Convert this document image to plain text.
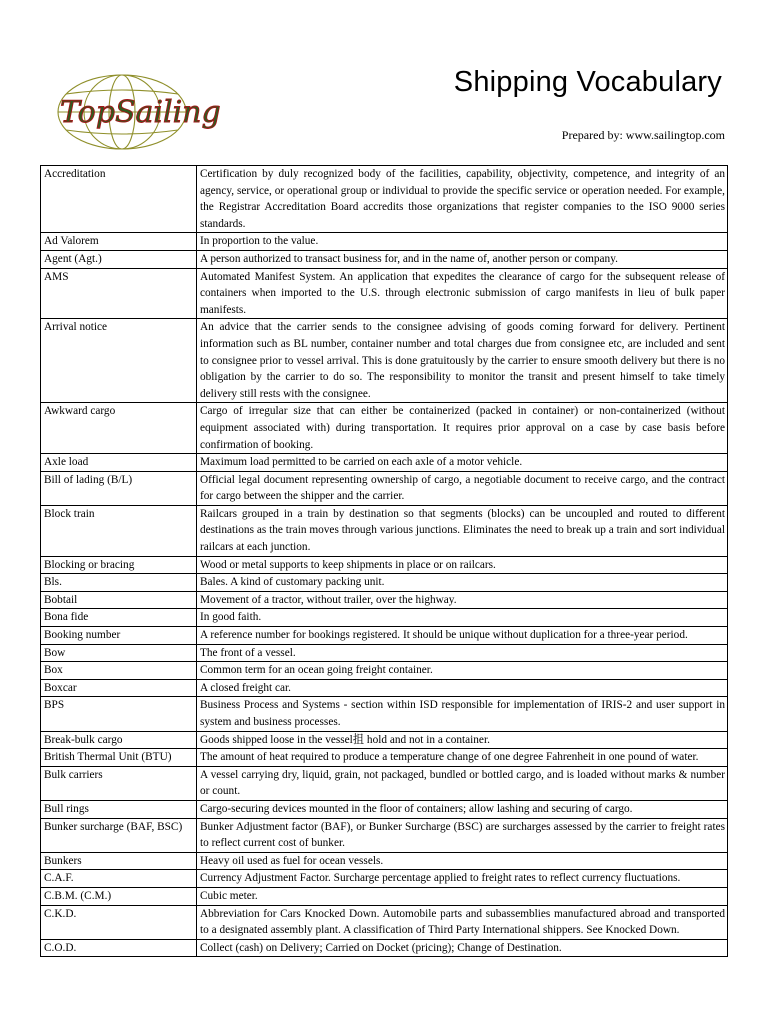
TopSailing
Shipping Vocabulary
Prepared by: www.sailingtop.com
Accreditation	Certification by duly recognized body of the facilities, capability, objectivity, competence, and integrity of an agency, service, or operational group or individual to provide the specific service or operation needed. For example, the Registrar Accreditation Board accredits those organizations that register companies to the ISO 9000 series standards.
Ad Valorem	In proportion to the value.
Agent (Agt.)	A person authorized to transact business for, and in the name of, another person or company.
AMS	Automated Manifest System. An application that expedites the clearance of cargo for the subsequent release of containers when imported to the U.S. through electronic submission of cargo manifests in lieu of bulk paper manifests.
Arrival notice	An advice that the carrier sends to the consignee advising of goods coming forward for delivery. Pertinent information such as BL number, container number and total charges due from consignee etc, are included and sent to consignee prior to vessel arrival. This is done gratuitously by the carrier to ensure smooth delivery but there is no obligation by the carrier to do so. The responsibility to monitor the transit and present himself to take timely delivery still rests with the consignee.
Awkward cargo	Cargo of irregular size that can either be containerized (packed in container) or non-containerized (without equipment associated with) during transportation. It requires prior approval on a case by case basis before confirmation of booking.
Axle load	Maximum load permitted to be carried on each axle of a motor vehicle.
Bill of lading (B/L)	Official legal document representing ownership of cargo, a negotiable document to receive cargo, and the contract for cargo between the shipper and the carrier.
Block train	Railcars grouped in a train by destination so that segments (blocks) can be uncoupled and routed to different destinations as the train moves through various junctions. Eliminates the need to break up a train and sort individual railcars at each junction.
Blocking or bracing	Wood or metal supports to keep shipments in place or on railcars.
Bls.	Bales. A kind of customary packing unit.
Bobtail	Movement of a tractor, without trailer, over the highway.
Bona fide	In good faith.
Booking number	A reference number for bookings registered. It should be unique without duplication for a three-year period.
Bow	The front of a vessel.
Box	Common term for an ocean going freight container.
Boxcar	A closed freight car.
BPS	Business Process and Systems - section within ISD responsible for implementation of IRIS-2 and user support in system and business processes.
Break-bulk cargo	Goods shipped loose in the vessel抯 hold and not in a container.
British Thermal Unit (BTU)	The amount of heat required to produce a temperature change of one degree Fahrenheit in one pound of water.
Bulk carriers	A vessel carrying dry, liquid, grain, not packaged, bundled or bottled cargo, and is loaded without marks & number or count.
Bull rings	Cargo-securing devices mounted in the floor of containers; allow lashing and securing of cargo.
Bunker surcharge (BAF, BSC)	Bunker Adjustment factor (BAF), or Bunker Surcharge (BSC) are surcharges assessed by the carrier to freight rates to reflect current cost of bunker.
Bunkers	Heavy oil used as fuel for ocean vessels.
C.A.F.	Currency Adjustment Factor. Surcharge percentage applied to freight rates to reflect currency fluctuations.
C.B.M. (C.M.)	Cubic meter.
C.K.D.	Abbreviation for Cars Knocked Down. Automobile parts and subassemblies manufactured abroad and transported to a designated assembly plant. A classification of Third Party International shippers. See Knocked Down.
C.O.D.	Collect (cash) on Delivery; Carried on Docket (pricing); Change of Destination.
